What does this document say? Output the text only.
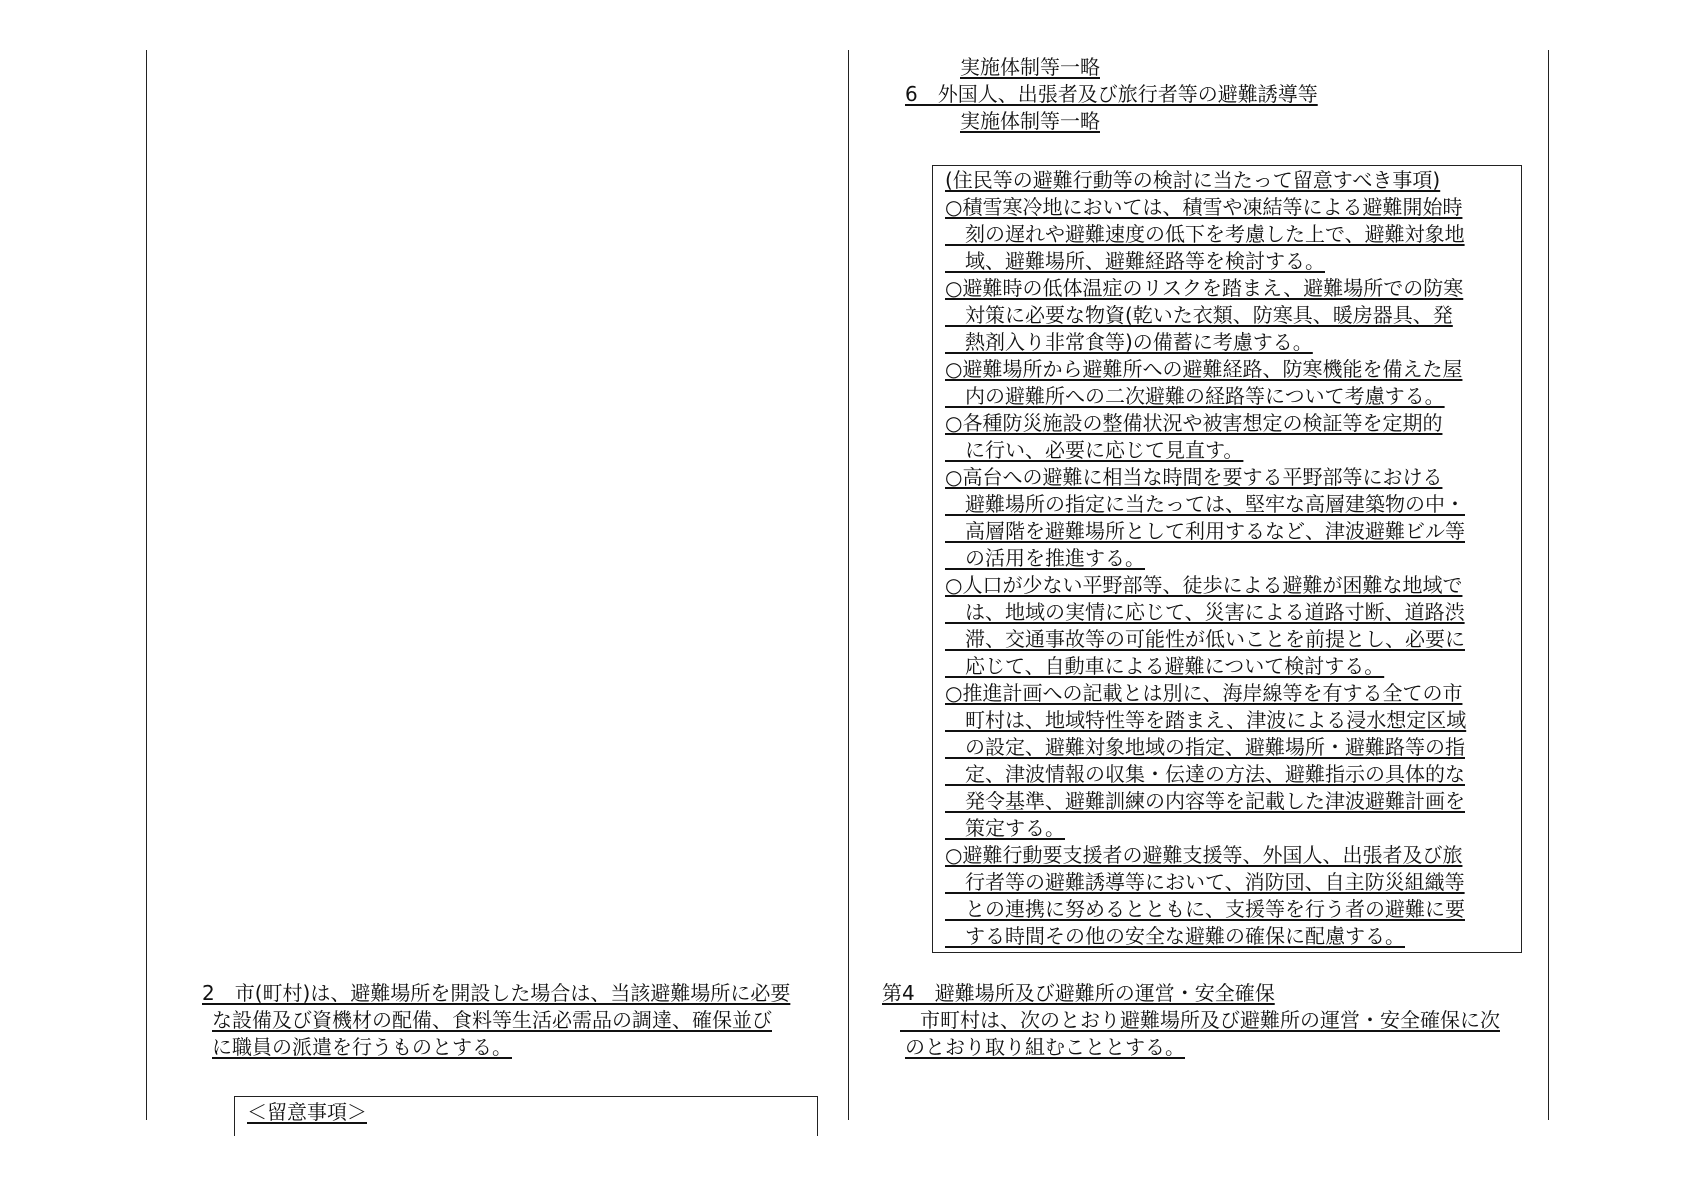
実施体制等一略
6　外国人、出張者及び旅行者等の避難誘導等
実施体制等一略
(住民等の避難行動等の検討に当たって留意すべき事項)
○積雪寒冷地においては、積雪や凍結等による避難開始時
　刻の遅れや避難速度の低下を考慮した上で、避難対象地
　域、避難場所、避難経路等を検討する。
○避難時の低体温症のリスクを踏まえ、避難場所での防寒
　対策に必要な物資(乾いた衣類、防寒具、暖房器具、発
　熱剤入り非常食等)の備蓄に考慮する。
○避難場所から避難所への避難経路、防寒機能を備えた屋
　内の避難所への二次避難の経路等について考慮する。
○各種防災施設の整備状況や被害想定の検証等を定期的
　に行い、必要に応じて見直す。
○高台への避難に相当な時間を要する平野部等における
　避難場所の指定に当たっては、堅牢な高層建築物の中・
　高層階を避難場所として利用するなど、津波避難ビル等
　の活用を推進する。
○人口が少ない平野部等、徒歩による避難が困難な地域で
　は、地域の実情に応じて、災害による道路寸断、道路渋
　滞、交通事故等の可能性が低いことを前提とし、必要に
　応じて、自動車による避難について検討する。
○推進計画への記載とは別に、海岸線等を有する全ての市
　町村は、地域特性等を踏まえ、津波による浸水想定区域
　の設定、避難対象地域の指定、避難場所・避難路等の指
　定、津波情報の収集・伝達の方法、避難指示の具体的な
　発令基準、避難訓練の内容等を記載した津波避難計画を
　策定する。
○避難行動要支援者の避難支援等、外国人、出張者及び旅
　行者等の避難誘導等において、消防団、自主防災組織等
　との連携に努めるとともに、支援等を行う者の避難に要
　する時間その他の安全な避難の確保に配慮する。
第4　避難場所及び避難所の運営・安全確保
　市町村は、次のとおり避難場所及び避難所の運営・安全確保に次
のとおり取り組むこととする。
2　市(町村)は、避難場所を開設した場合は、当該避難場所に必要
な設備及び資機材の配備、食料等生活必需品の調達、確保並び
に職員の派遣を行うものとする。
＜留意事項＞
